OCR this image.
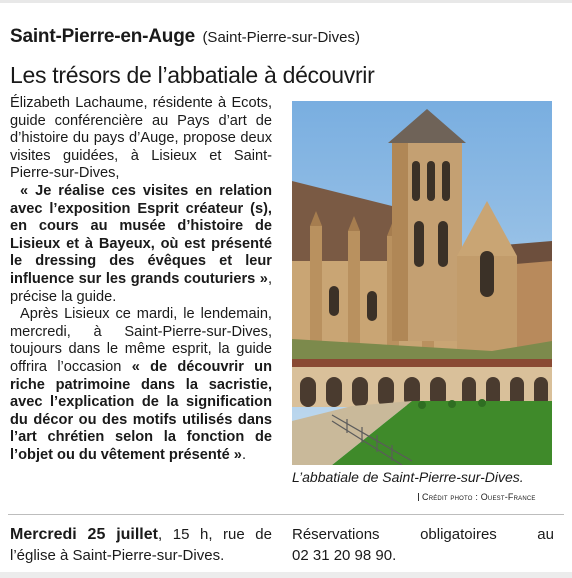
Saint-Pierre-en-Auge (Saint-Pierre-sur-Dives)
Les trésors de l’abbatiale à découvrir

Élizabeth Lachaume, résidente à Ecots, guide conférencière au Pays d’art de d’histoire du pays d’Auge, propose deux visites guidées, à Lisieux et Saint-Pierre-sur-Dives,

« Je réalise ces visites en relation avec l’exposition Esprit créateur (s), en cours au musée d’histoire de Lisieux et à Bayeux, où est présenté le dressing des évêques et leur influence sur les grands couturiers », précise la guide.

Après Lisieux ce mardi, le lendemain, mercredi, à Saint-Pierre-sur-Dives, toujours dans le même esprit, la guide offrira l’occasion « de découvrir un riche patrimoine dans la sacristie, avec l’explication de la signification du décor ou des motifs utilisés dans l’art chrétien selon la fonction de l’objet ou du vêtement présenté ».

L’abbatiale de Saint-Pierre-sur-Dives.
Crédit photo : Ouest-France

Mercredi 25 juillet, 15 h, rue de

l’église à Saint-Pierre-sur-Dives.

Réservations obligatoires au

02 31 20 98 90.
